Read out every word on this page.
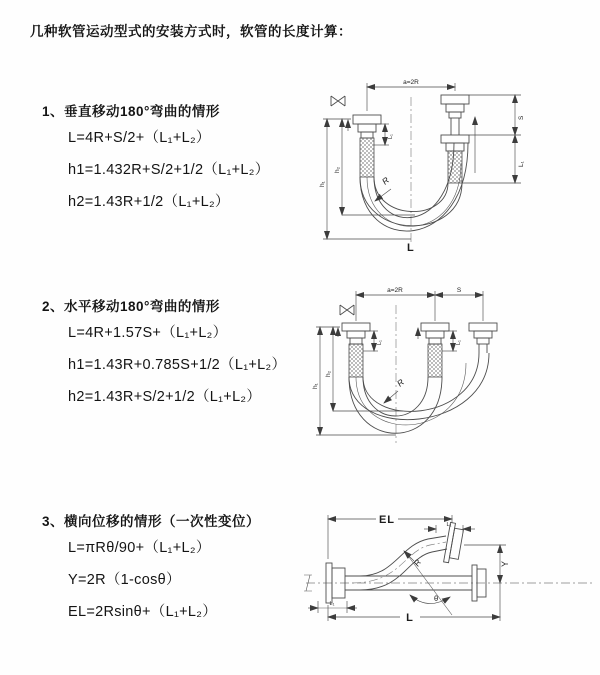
几种软管运动型式的安装方式时，软管的长度计算：
1、垂直移动180°弯曲的情形
L=4R+S/2+（L₁+L₂）
h1=1.432R+S/2+1/2（L₁+L₂）
h2=1.43R+1/2（L₁+L₂）
a=2R
h₁
h₂
L₁
S
L₁
R
L
2、水平移动180°弯曲的情形
L=4R+1.57S+（L₁+L₂）
h1=1.43R+0.785S+1/2（L₁+L₂）
h2=1.43R+S/2+1/2（L₁+L₂）
a=2R	S
h₁
h₂
L₁	L₁
R
3、横向位移的情形（一次性变位）
L=πRθ/90+（L₁+L₂）
Y=2R（1-cosθ）
EL=2Rsinθ+（L₁+L₂）
EL	L₁
Y
θ
R
L
L₁
